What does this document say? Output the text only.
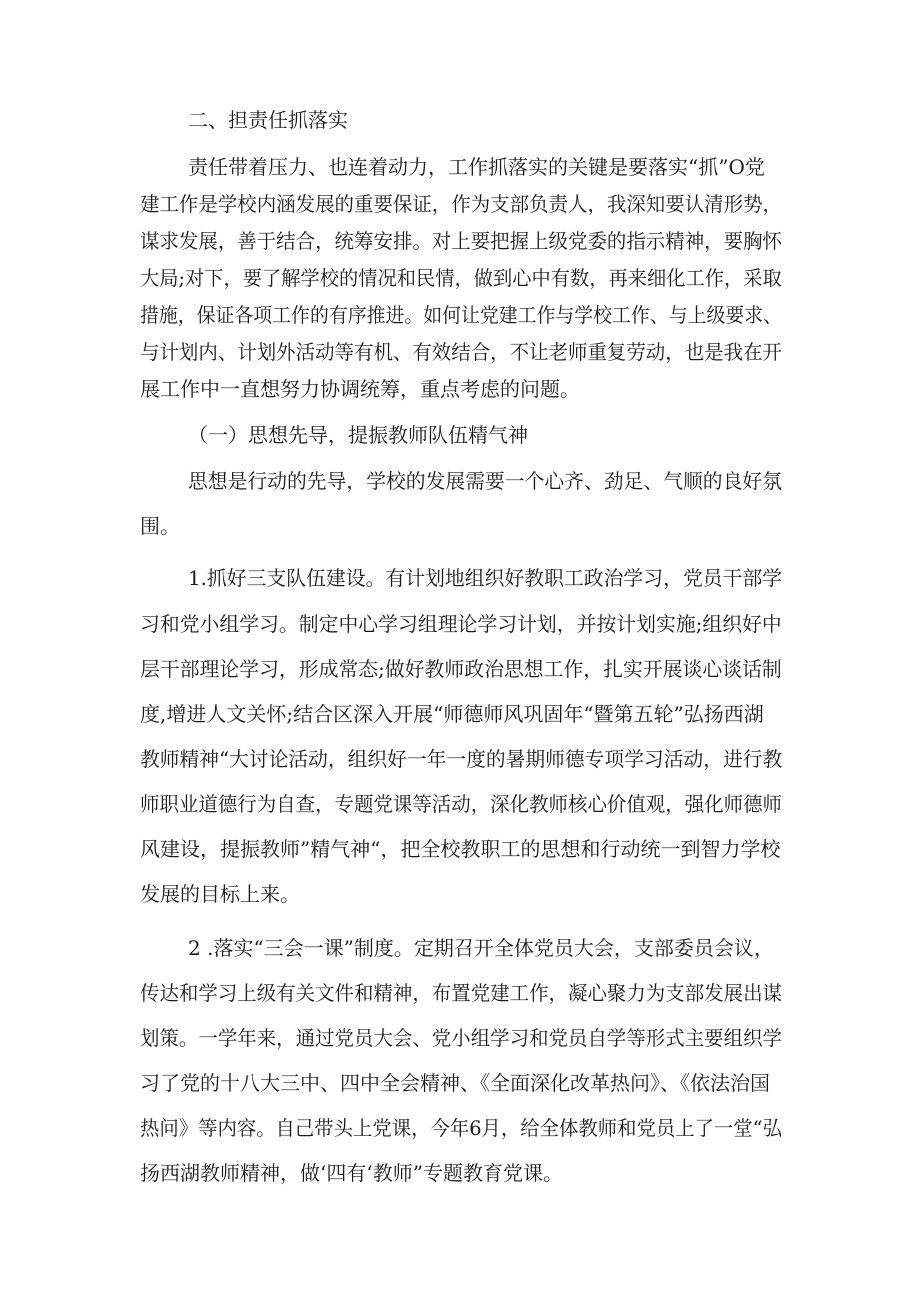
二、担责任抓落实
责任带着压力、也连着动力，工作抓落实的关键是要落实“抓”O党
建工作是学校内涵发展的重要保证，作为支部负责人，我深知要认清形势，
谋求发展，善于结合，统筹安排。对上要把握上级党委的指示精神，要胸怀
大局;对下，要了解学校的情况和民情，做到心中有数，再来细化工作，采取
措施，保证各项工作的有序推进。如何让党建工作与学校工作、与上级要求、
与计划内、计划外活动等有机、有效结合，不让老师重复劳动，也是我在开
展工作中一直想努力协调统筹，重点考虑的问题。
（一）思想先导，提振教师队伍精气神
思想是行动的先导，学校的发展需要一个心齐、劲足、气顺的良好氛
围。
1.抓好三支队伍建设。有计划地组织好教职工政治学习，党员干部学
习和党小组学习。制定中心学习组理论学习计划，并按计划实施;组织好中
层干部理论学习，形成常态;做好教师政治思想工作，扎实开展谈心谈话制
度,增进人文关怀;结合区深入开展“师德师风巩固年“暨第五轮”弘扬西湖
教师精神“大讨论活动，组织好一年一度的暑期师德专项学习活动，进行教
师职业道德行为自查，专题党课等活动，深化教师核心价值观，强化师德师
风建设，提振教师”精气神“，把全校教职工的思想和行动统一到智力学校
发展的目标上来。
2 .落实“三会一课”制度。定期召开全体党员大会，支部委员会议，
传达和学习上级有关文件和精神，布置党建工作，凝心聚力为支部发展出谋
划策。一学年来，通过党员大会、党小组学习和党员自学等形式主要组织学
习了党的十八大三中、四中全会精神、《全面深化改革热问》、《依法治国
热问》等内容。自己带头上党课，今年6月，给全体教师和党员上了一堂“弘
扬西湖教师精神，做‘四有‘教师”专题教育党课。
